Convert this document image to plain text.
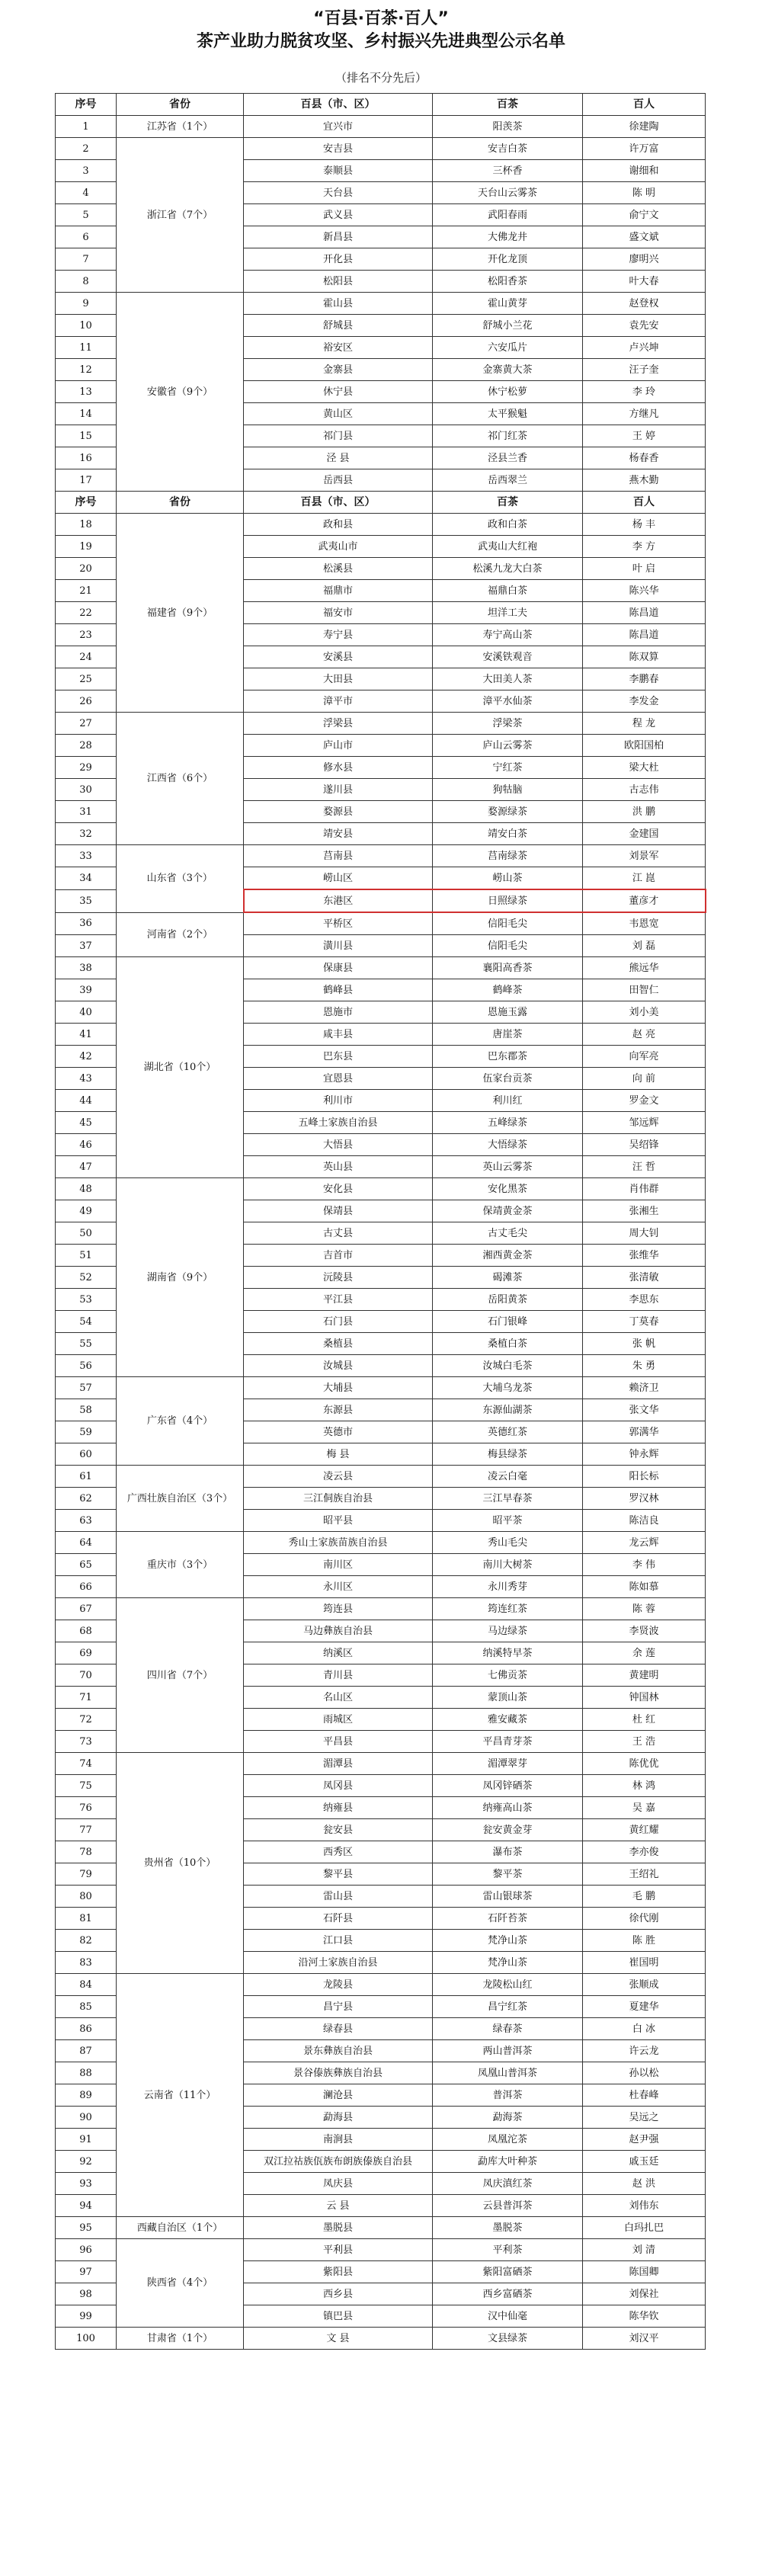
“百县·百茶·百人”
茶产业助力脱贫攻坚、乡村振兴先进典型公示名单
（排名不分先后）
序号	省份	百县（市、区）	百茶	百人
1	江苏省（1个）	宜兴市	阳羡茶	徐建陶
2	浙江省（7个）	安吉县	安吉白茶	许万富
3		泰顺县	三杯香	谢细和
4		天台县	天台山云雾茶	陈 明
5		武义县	武阳春雨	俞宁文
6		新昌县	大佛龙井	盛文斌
7		开化县	开化龙顶	廖明兴
8		松阳县	松阳香茶	叶大春
9	安徽省（9个）	霍山县	霍山黄芽	赵登权
10		舒城县	舒城小兰花	袁先安
11		裕安区	六安瓜片	卢兴坤
12		金寨县	金寨黄大茶	汪子奎
13		休宁县	休宁松萝	李 玲
14		黄山区	太平猴魁	方继凡
15		祁门县	祁门红茶	王 婷
16		泾 县	泾县兰香	杨春香
17		岳西县	岳西翠兰	燕木勤
序号	省份	百县（市、区）	百茶	百人
18	福建省（9个）	政和县	政和白茶	杨 丰
19		武夷山市	武夷山大红袍	李 方
20		松溪县	松溪九龙大白茶	叶 启
21		福鼎市	福鼎白茶	陈兴华
22		福安市	坦洋工夫	陈昌道
23		寿宁县	寿宁高山茶	陈昌道
24		安溪县	安溪铁观音	陈双算
25		大田县	大田美人茶	李鹏春
26		漳平市	漳平水仙茶	李发金
27	江西省（6个）	浮梁县	浮梁茶	程 龙
28		庐山市	庐山云雾茶	欧阳国柏
29		修水县	宁红茶	梁大杜
30		遂川县	狗牯脑	古志伟
31		婺源县	婺源绿茶	洪 鹏
32		靖安县	靖安白茶	金建国
33	山东省（3个）	莒南县	莒南绿茶	刘景军
34		崂山区	崂山茶	江 崑
35		东港区	日照绿茶	董彦才
36	河南省（2个）	平桥区	信阳毛尖	韦恩宽
37		潢川县	信阳毛尖	刘 磊
38	湖北省（10个）	保康县	襄阳高香茶	熊远华
39		鹤峰县	鹤峰茶	田智仁
40		恩施市	恩施玉露	刘小美
41		咸丰县	唐崖茶	赵 亮
42		巴东县	巴东郡茶	向军亮
43		宜恩县	伍家台贡茶	向 前
44		利川市	利川红	罗金文
45		五峰土家族自治县	五峰绿茶	邹远辉
46		大悟县	大悟绿茶	吴绍锋
47		英山县	英山云雾茶	汪 哲
48	湖南省（9个）	安化县	安化黑茶	肖伟群
49		保靖县	保靖黄金茶	张湘生
50		古丈县	古丈毛尖	周大钊
51		吉首市	湘西黄金茶	张维华
52		沅陵县	碣滩茶	张清敏
53		平江县	岳阳黄茶	李思东
54		石门县	石门银峰	丁莫春
55		桑植县	桑植白茶	张 帆
56		汝城县	汝城白毛茶	朱 勇
57	广东省（4个）	大埔县	大埔乌龙茶	赖济卫
58		东源县	东源仙湖茶	张文华
59		英德市	英德红茶	郭满华
60		梅 县	梅县绿茶	钟永辉
61	广西壮族自治区（3个）	凌云县	凌云白毫	阳长标
62		三江侗族自治县	三江早春茶	罗汉林
63		昭平县	昭平茶	陈洁良
64	重庆市（3个）	秀山土家族苗族自治县	秀山毛尖	龙云辉
65		南川区	南川大树茶	李 伟
66		永川区	永川秀芽	陈如慕
67	四川省（7个）	筠连县	筠连红茶	陈 蓉
68		马边彝族自治县	马边绿茶	李贤波
69		纳溪区	纳溪特早茶	余 莲
70		青川县	七佛贡茶	黄建明
71		名山区	蒙顶山茶	钟国林
72		雨城区	雅安藏茶	杜 红
73		平昌县	平昌青芽茶	王 浩
74	贵州省（10个）	湄潭县	湄潭翠芽	陈优优
75		凤冈县	凤冈锌硒茶	林 鸿
76		纳雍县	纳雍高山茶	吴 嘉
77		瓮安县	瓮安黄金芽	黄红耀
78		西秀区	瀑布茶	李亦俊
79		黎平县	黎平茶	王绍礼
80		雷山县	雷山银球茶	毛 鹏
81		石阡县	石阡苔茶	徐代刚
82		江口县	梵净山茶	陈 胜
83		沿河土家族自治县	梵净山茶	崔国明
84	云南省（11个）	龙陵县	龙陵松山红	张顺成
85		昌宁县	昌宁红茶	夏建华
86		绿春县	绿春茶	白 冰
87		景东彝族自治县	两山普洱茶	许云龙
88		景谷傣族彝族自治县	凤凰山普洱茶	孙以松
89		澜沧县	普洱茶	杜春峰
90		勐海县	勐海茶	吴远之
91		南涧县	凤凰沱茶	赵尹强
92		双江拉祜族佤族布朗族傣族自治县	勐库大叶种茶	戚玉廷
93		凤庆县	凤庆滇红茶	赵 洪
94		云 县	云县普洱茶	刘伟东
95	西藏自治区（1个）	墨脱县	墨脱茶	白玛扎巴
96	陕西省（4个）	平利县	平利茶	刘 清
97		紫阳县	紫阳富硒茶	陈国卿
98		西乡县	西乡富硒茶	刘保社
99		镇巴县	汉中仙毫	陈华钦
100	甘肃省（1个）	文 县	文县绿茶	刘汉平
